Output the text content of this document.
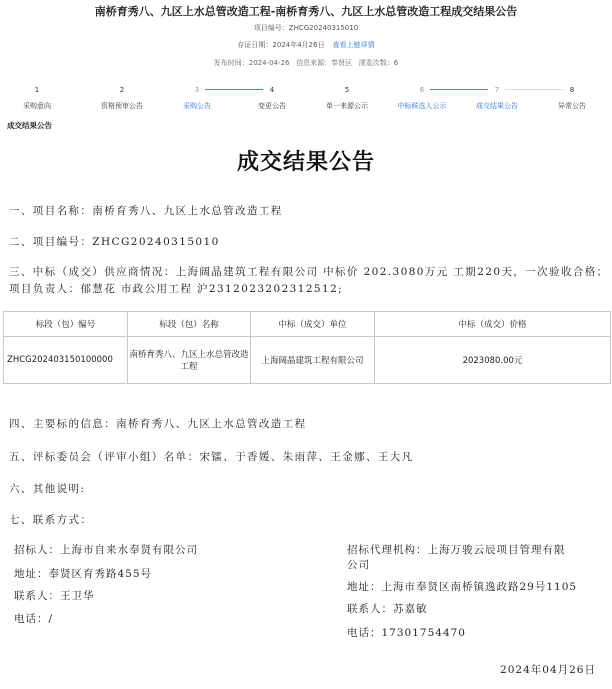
南桥育秀八、九区上水总管改造工程-南桥育秀八、九区上水总管改造工程成交结果公告
项目编号：ZHCG20240315010
存证日期：2024年4月26日 查看上链详情
发布时间：2024-04-26 信息来源：奉贤区 浏览次数：6
1
采购意向
2
资格预审公告
3
采购公告
4
变更公告
5
单一来源公示
6
中标候选人公示
7
成交结果公告
8
异常公告
成交结果公告
成交结果公告
一、项目名称：南桥育秀八、九区上水总管改造工程
二、项目编号：ZHCG20240315010
三、中标（成交）供应商情况：上海阔晶建筑工程有限公司 中标价 202.3080万元 工期220天，一次验收合格；项目负责人：郁慧花 市政公用工程 沪2312023202312512;
标段（包）编号	标段（包）名称	中标（成交）单位	中标（成交）价格
ZHCG202403150100000	南桥育秀八、九区上水总管改造工程	上海阔晶建筑工程有限公司	2023080.00元
四、主要标的信息：南桥育秀八、九区上水总管改造工程
五、评标委员会（评审小组）名单：宋镭、于香媛、朱雨萍、王金娜、王大凡
六、其他说明:
七、联系方式：
招标人：上海市自来水奉贤有限公司
地址：奉贤区育秀路455号
联系人：王卫华
电话：/
招标代理机构：上海万骏云辰项目管理有限
公司
地址：上海市奉贤区南桥镇逸政路29号1105
联系人：苏嘉敏
电话：17301754470
2024年04月26日
